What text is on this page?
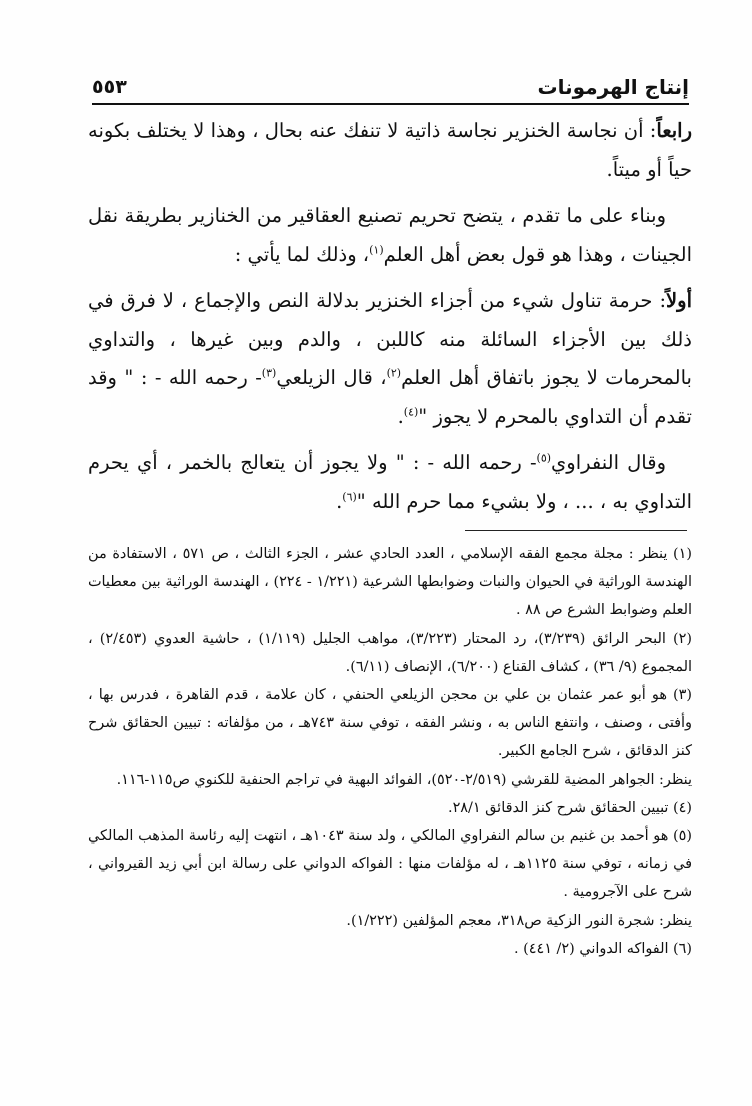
إنتاج الهرمونات
٥٥٣

رابعاً: أن نجاسة الخنزير نجاسة ذاتية لا تنفك عنه بحال ، وهذا لا يختلف بكونه حياً أو ميتاً.

وبناء على ما تقدم ، يتضح تحريم تصنيع العقاقير من الخنازير بطريقة نقل الجينات ، وهذا هو قول بعض أهل العلم$^{(١)}$، وذلك لما يأتي :

أولاً: حرمة تناول شيء من أجزاء الخنزير بدلالة النص والإجماع ، لا فرق في ذلك بين الأجزاء السائلة منه كاللبن ، والدم وبين غيرها ، والتداوي بالمحرمات لا يجوز باتفاق أهل العلم$^{(٢)}$، قال الزيلعي$^{(٣)}$- رحمه الله - : " وقد تقدم أن التداوي بالمحرم لا يجوز "$^{(٤)}$.

وقال النفراوي$^{(٥)}$- رحمه الله - : " ولا يجوز أن يتعالج بالخمر ، أي يحرم التداوي به ، ... ، ولا بشيء مما حرم الله "$^{(٦)}$.

(١) ينظر : مجلة مجمع الفقه الإسلامي ، العدد الحادي عشر ، الجزء الثالث ، ص ٥٧١ ، الاستفادة من الهندسة الوراثية في الحيوان والنبات وضوابطها الشرعية (١/٢٢١ - ٢٢٤) ، الهندسة الوراثية بين معطيات العلم وضوابط الشرع ص ٨٨ .

(٢) البحر الرائق (٣/٢٣٩)، رد المحتار (٣/٢٢٣)، مواهب الجليل (١/١١٩) ، حاشية العدوي (٢/٤٥٣) ، المجموع (٩/ ٣٦) ، كشاف القناع (٦/٢٠٠)، الإنصاف (٦/١١).

(٣) هو أبو عمر عثمان بن علي بن محجن الزيلعي الحنفي ، كان علامة ، قدم القاهرة ، فدرس بها ، وأفتى ، وصنف ، وانتفع الناس به ، ونشر الفقه ، توفي سنة ٧٤٣هـ ، من مؤلفاته : تبيين الحقائق شرح كنز الدقائق ، شرح الجامع الكبير.

ينظر: الجواهر المضية للقرشي (٢/٥١٩-٥٢٠)، الفوائد البهية في تراجم الحنفية للكنوي ص١١٥-١١٦.

(٤) تبيين الحقائق شرح كنز الدقائق ٢٨/١.

(٥) هو أحمد بن غنيم بن سالم النفراوي المالكي ، ولد سنة ١٠٤٣هـ ، انتهت إليه رئاسة المذهب المالكي في زمانه ، توفي سنة ١١٢٥هـ ، له مؤلفات منها : الفواكه الدواني على رسالة ابن أبي زيد القيرواني ، شرح على الآجرومية .

ينظر: شجرة النور الزكية ص٣١٨، معجم المؤلفين (١/٢٢٢).

(٦) الفواكه الدواني (٢/ ٤٤١) .
